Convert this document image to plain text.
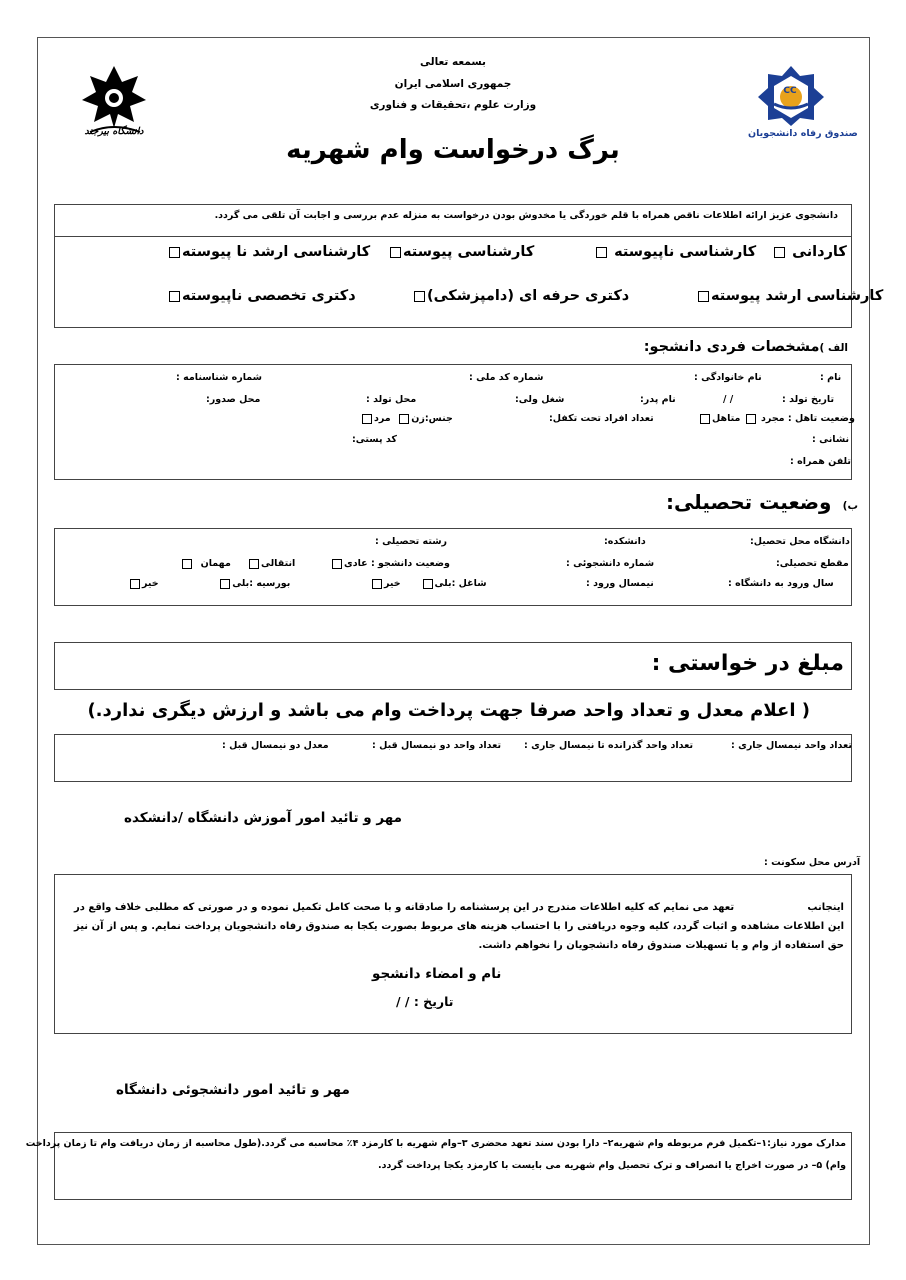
بسمعه تعالی
جمهوری اسلامی ایران
وزارت علوم ،تحقیقات و فناوری
برگ درخواست وام شهریه
دانشگاه بیرجند
CC
صندوق رفاه دانشجویان
دانشجوی عزیز ارائه اطلاعات ناقص همراه با قلم خوردگی یا مخدوش بودن درخواست به منزله عدم بررسی و اجابت آن تلقی می گردد.
کاردانی
کارشناسی ناپیوسته
کارشناسی پیوسته
کارشناسی ارشد نا پیوسته
کارشناسی ارشد پیوسته
دکتری حرفه ای (دامپزشکی)
دکتری تخصصی ناپیوسته
الف )مشخصات فردی دانشجو:
نام :
نام خانوادگی :
شماره کد ملی :
شماره شناسنامه :
تاریخ تولد :
/ /
نام پدر:
شغل ولی:
محل تولد :
محل صدور:
وضعیت تاهل : مجرد  متاهل
تعداد افراد تحت تکفل:
جنس:زن  مرد
نشانی :
کد پستی:
تلفن همراه :
ب)  وضعیت تحصیلی:
دانشگاه محل تحصیل:
دانشکده:
رشته تحصیلی :
مقطع تحصیلی:
شماره دانشجوئی :
وضعیت دانشجو : عادی
انتقالی
مهمان
سال ورود به دانشگاه :
نیمسال ورود :
شاغل :بلی      خیر
بورسیه :بلی                  خیر
مبلغ در خواستی :
( اعلام معدل و تعداد واحد صرفا جهت پرداخت وام می باشد و ارزش دیگری ندارد.)
تعداد واحد نیمسال جاری :
تعداد واحد گذرانده تا نیمسال جاری :
تعداد واحد دو نیمسال قبل :
معدل دو نیمسال قبل :
مهر و تائید امور آموزش دانشگاه /دانشکده
آدرس محل سکونت :
اینجانب                     تعهد می نمایم که کلیه اطلاعات مندرج در این پرسشنامه را صادقانه و با صحت کامل تکمیل نموده و در صورتی که مطلبی خلاف واقع در این اطلاعات مشاهده و اثبات گردد، کلیه وجوه دریافتی را با احتساب هزینه های مربوط بصورت یکجا به صندوق رفاه دانشجویان پرداخت نمایم. و پس از آن نیز حق استفاده از وام و یا تسهیلات صندوق رفاه دانشجویان را نخواهم داشت.
نام و امضاء دانشجو
تاریخ : / /
مهر و تائید امور دانشجوئی دانشگاه
مدارک مورد نیاز:۱–تکمیل فرم مربوطه وام شهریه۲– دارا بودن سند تعهد محضری ۳–وام شهریه با کارمزد ۴٪ محاسبه می گردد.(طول محاسبه از زمان دریافت وام تا زمان پرداخت
وام) ۵– در صورت اخراج یا انصراف و ترک تحصیل وام شهریه می بایست با کارمزد یکجا پرداخت گردد.
